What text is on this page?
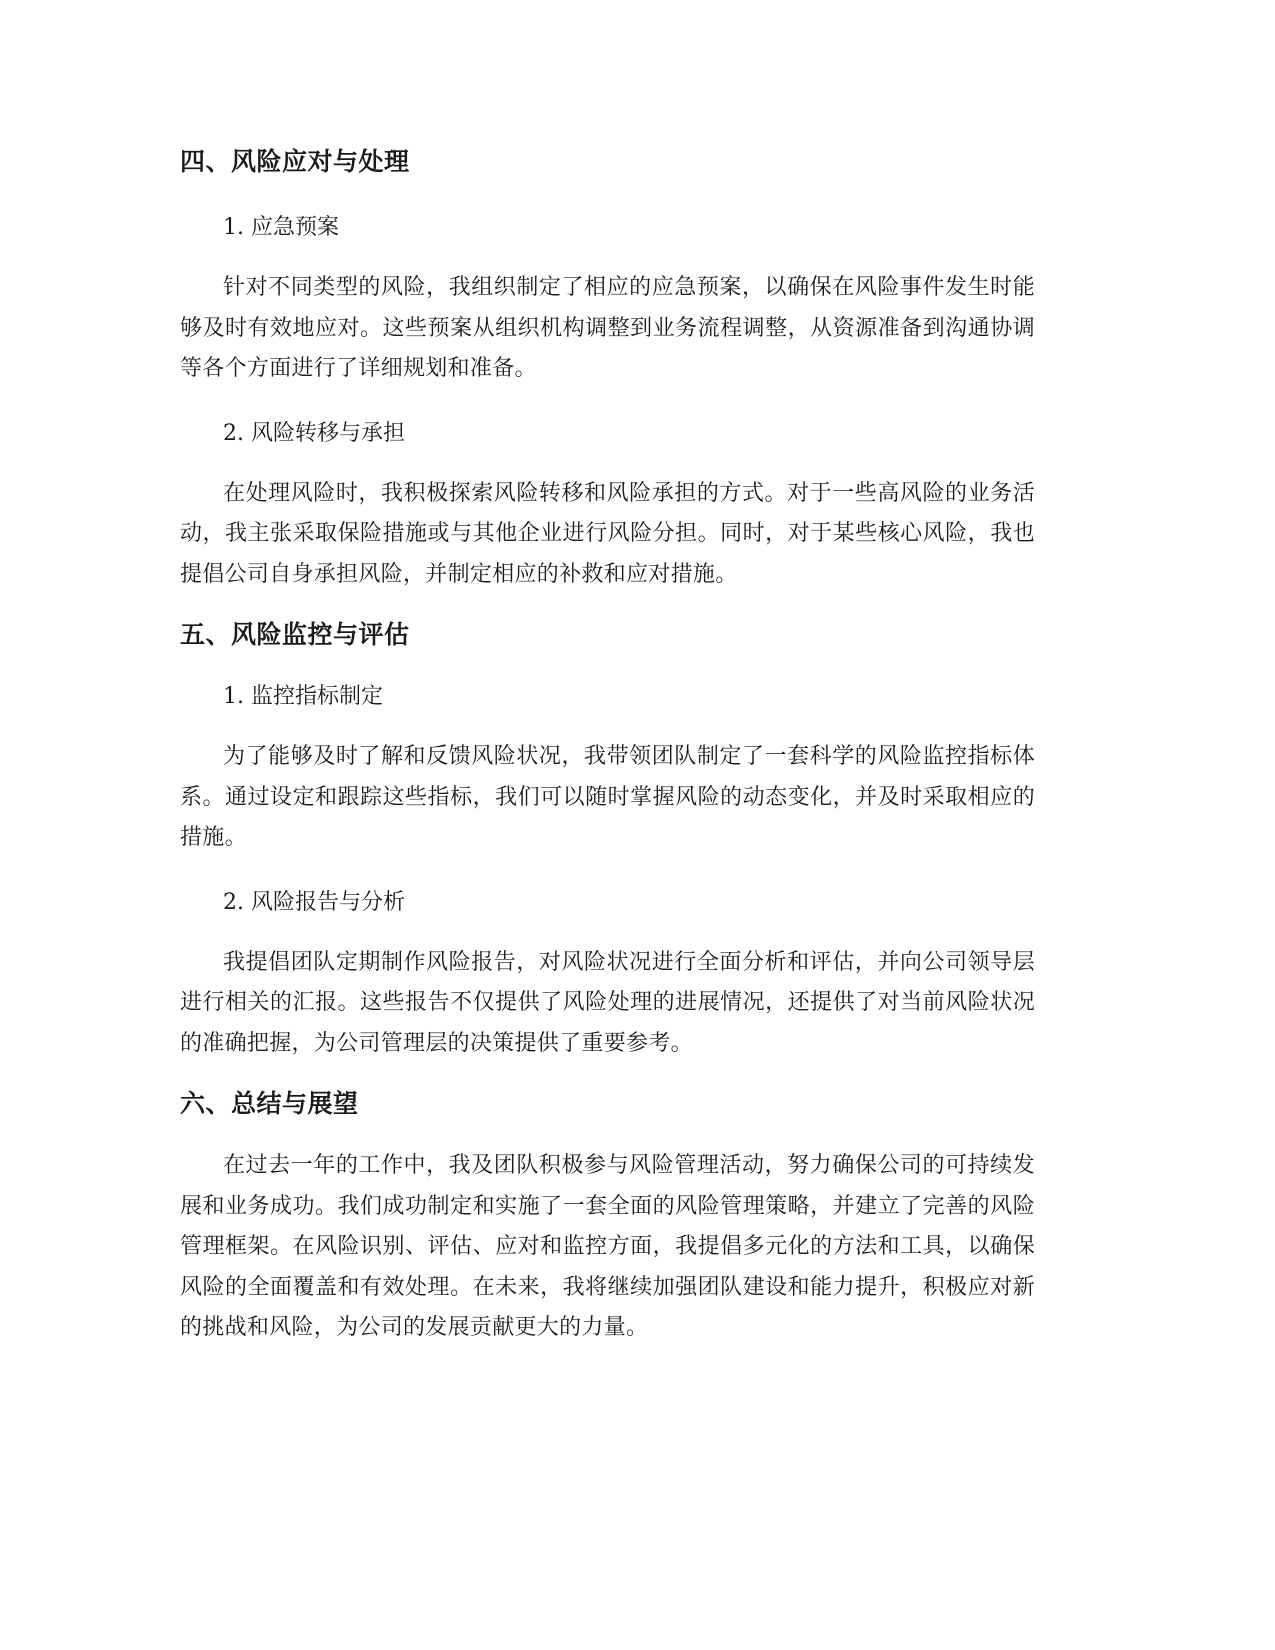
四、风险应对与处理

1. 应急预案

针对不同类型的风险，我组织制定了相应的应急预案，以确保在风险事件发生时能够及时有效地应对。这些预案从组织机构调整到业务流程调整，从资源准备到沟通协调等各个方面进行了详细规划和准备。

2. 风险转移与承担

在处理风险时，我积极探索风险转移和风险承担的方式。对于一些高风险的业务活动，我主张采取保险措施或与其他企业进行风险分担。同时，对于某些核心风险，我也提倡公司自身承担风险，并制定相应的补救和应对措施。

五、风险监控与评估

1. 监控指标制定

为了能够及时了解和反馈风险状况，我带领团队制定了一套科学的风险监控指标体系。通过设定和跟踪这些指标，我们可以随时掌握风险的动态变化，并及时采取相应的措施。

2. 风险报告与分析

我提倡团队定期制作风险报告，对风险状况进行全面分析和评估，并向公司领导层进行相关的汇报。这些报告不仅提供了风险处理的进展情况，还提供了对当前风险状况的准确把握，为公司管理层的决策提供了重要参考。

六、总结与展望

在过去一年的工作中，我及团队积极参与风险管理活动，努力确保公司的可持续发展和业务成功。我们成功制定和实施了一套全面的风险管理策略，并建立了完善的风险管理框架。在风险识别、评估、应对和监控方面，我提倡多元化的方法和工具，以确保风险的全面覆盖和有效处理。在未来，我将继续加强团队建设和能力提升，积极应对新的挑战和风险，为公司的发展贡献更大的力量。
